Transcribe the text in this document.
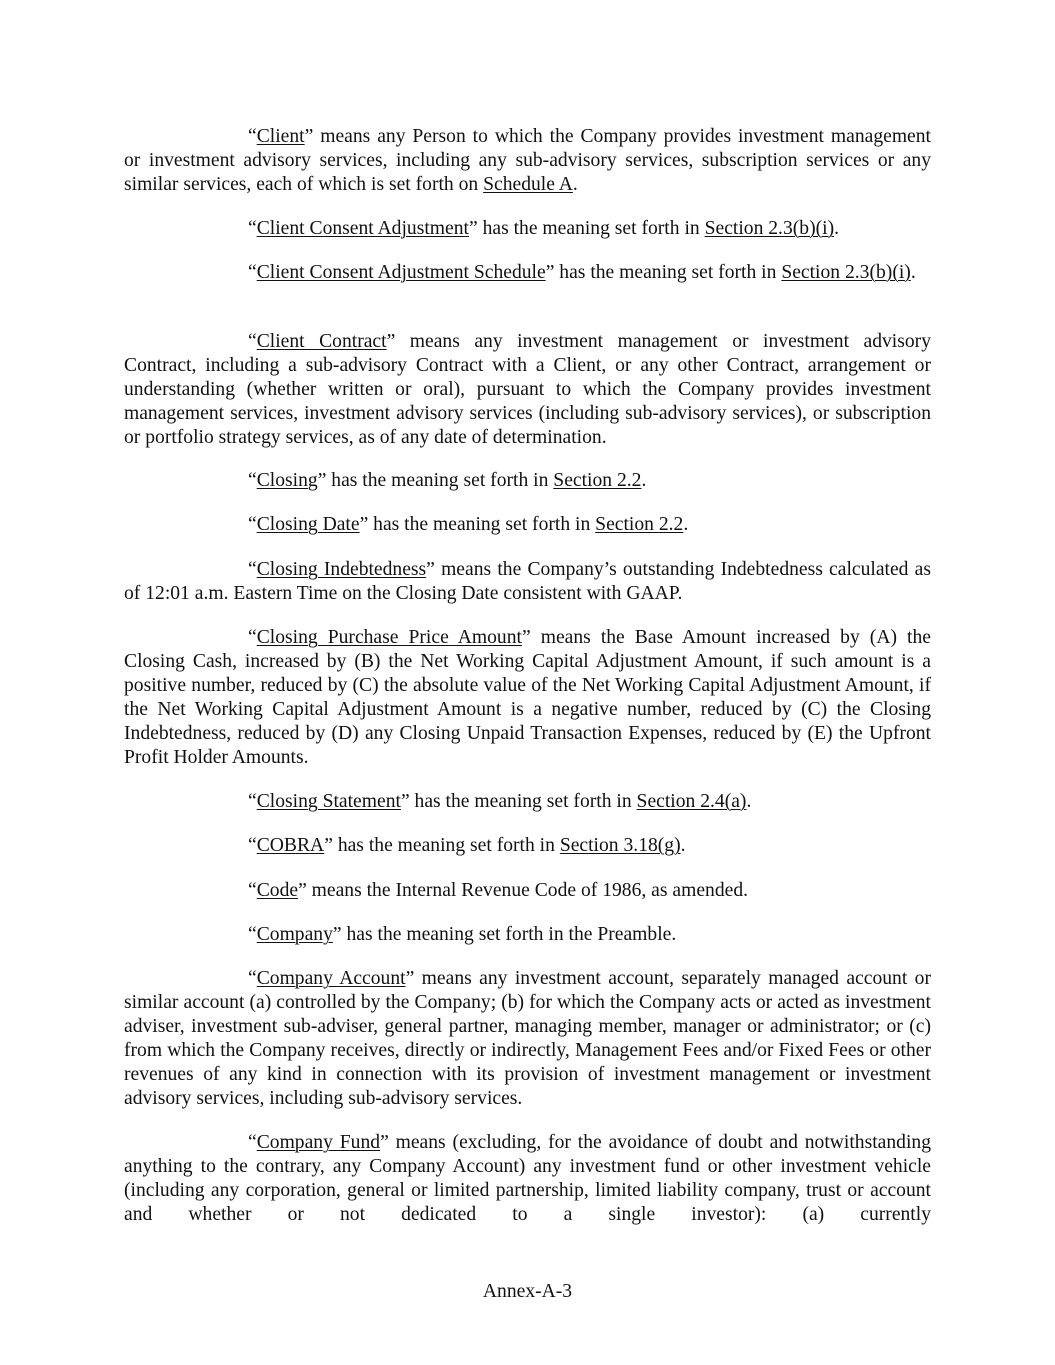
“Client” means any Person to which the Company provides investment management or investment advisory services, including any sub-advisory services, subscription services or any similar services, each of which is set forth on Schedule A.

“Client Consent Adjustment” has the meaning set forth in Section 2.3(b)(i).

“Client Consent Adjustment Schedule” has the meaning set forth in Section 2.3(b)(i).

“Client Contract” means any investment management or investment advisory Contract, including a sub-advisory Contract with a Client, or any other Contract, arrangement or understanding (whether written or oral), pursuant to which the Company provides investment management services, investment advisory services (including sub-advisory services), or subscription or portfolio strategy services, as of any date of determination.

“Closing” has the meaning set forth in Section 2.2.

“Closing Date” has the meaning set forth in Section 2.2.

“Closing Indebtedness” means the Company’s outstanding Indebtedness calculated as of 12:01 a.m. Eastern Time on the Closing Date consistent with GAAP.

“Closing Purchase Price Amount” means the Base Amount increased by (A) the Closing Cash, increased by (B) the Net Working Capital Adjustment Amount, if such amount is a positive number, reduced by (C) the absolute value of the Net Working Capital Adjustment Amount, if the Net Working Capital Adjustment Amount is a negative number, reduced by (C) the Closing Indebtedness, reduced by (D) any Closing Unpaid Transaction Expenses, reduced by (E) the Upfront Profit Holder Amounts.

“Closing Statement” has the meaning set forth in Section 2.4(a).

“COBRA” has the meaning set forth in Section 3.18(g).

“Code” means the Internal Revenue Code of 1986, as amended.

“Company” has the meaning set forth in the Preamble.

“Company Account” means any investment account, separately managed account or similar account (a) controlled by the Company; (b) for which the Company acts or acted as investment adviser, investment sub-adviser, general partner, managing member, manager or administrator; or (c) from which the Company receives, directly or indirectly, Management Fees and/or Fixed Fees or other revenues of any kind in connection with its provision of investment management or investment advisory services, including sub-advisory services.

“Company Fund” means (excluding, for the avoidance of doubt and notwithstanding anything to the contrary, any Company Account) any investment fund or other investment vehicle (including any corporation, general or limited partnership, limited liability company, trust or account and whether or not dedicated to a single investor): (a) currently

Annex-A-3
